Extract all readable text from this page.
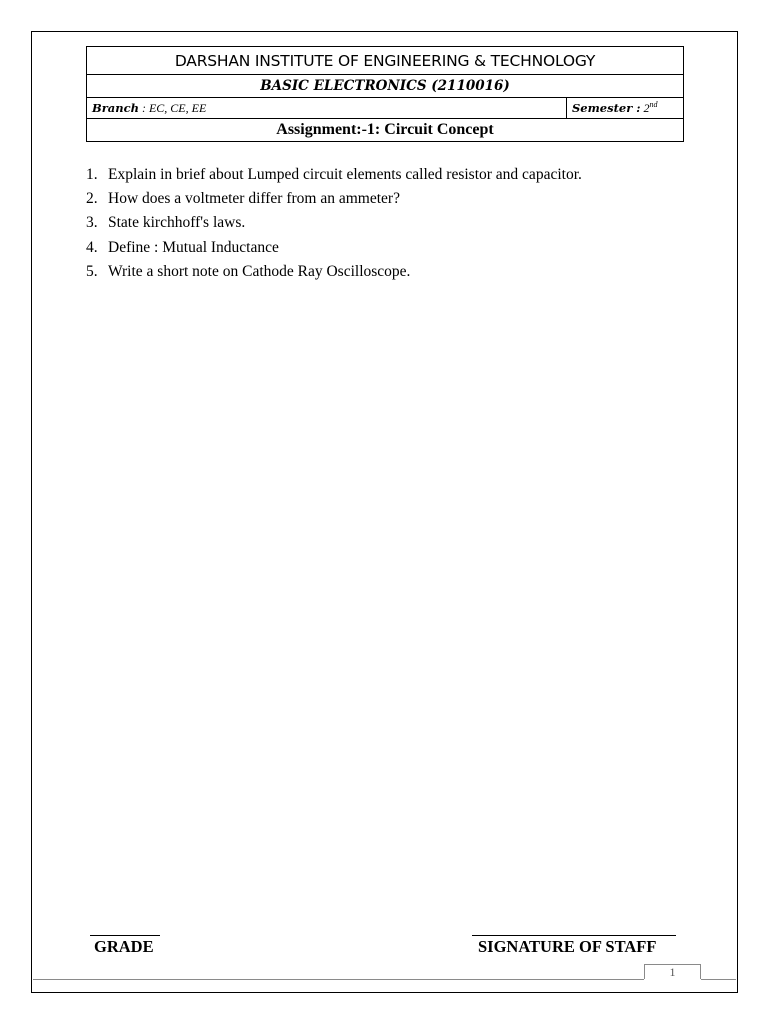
DARSHAN INSTITUTE OF ENGINEERING & TECHNOLOGY
BASIC ELECTRONICS (2110016)
Branch : EC, CE, EE	Semester : 2nd
Assignment:-1: Circuit Concept
1. Explain in brief about Lumped circuit elements called resistor and capacitor.
2. How does a voltmeter differ from an ammeter?
3. State kirchhoff's laws.
4. Define : Mutual Inductance
5. Write a short note on Cathode Ray Oscilloscope.
GRADE	SIGNATURE OF STAFF
1
